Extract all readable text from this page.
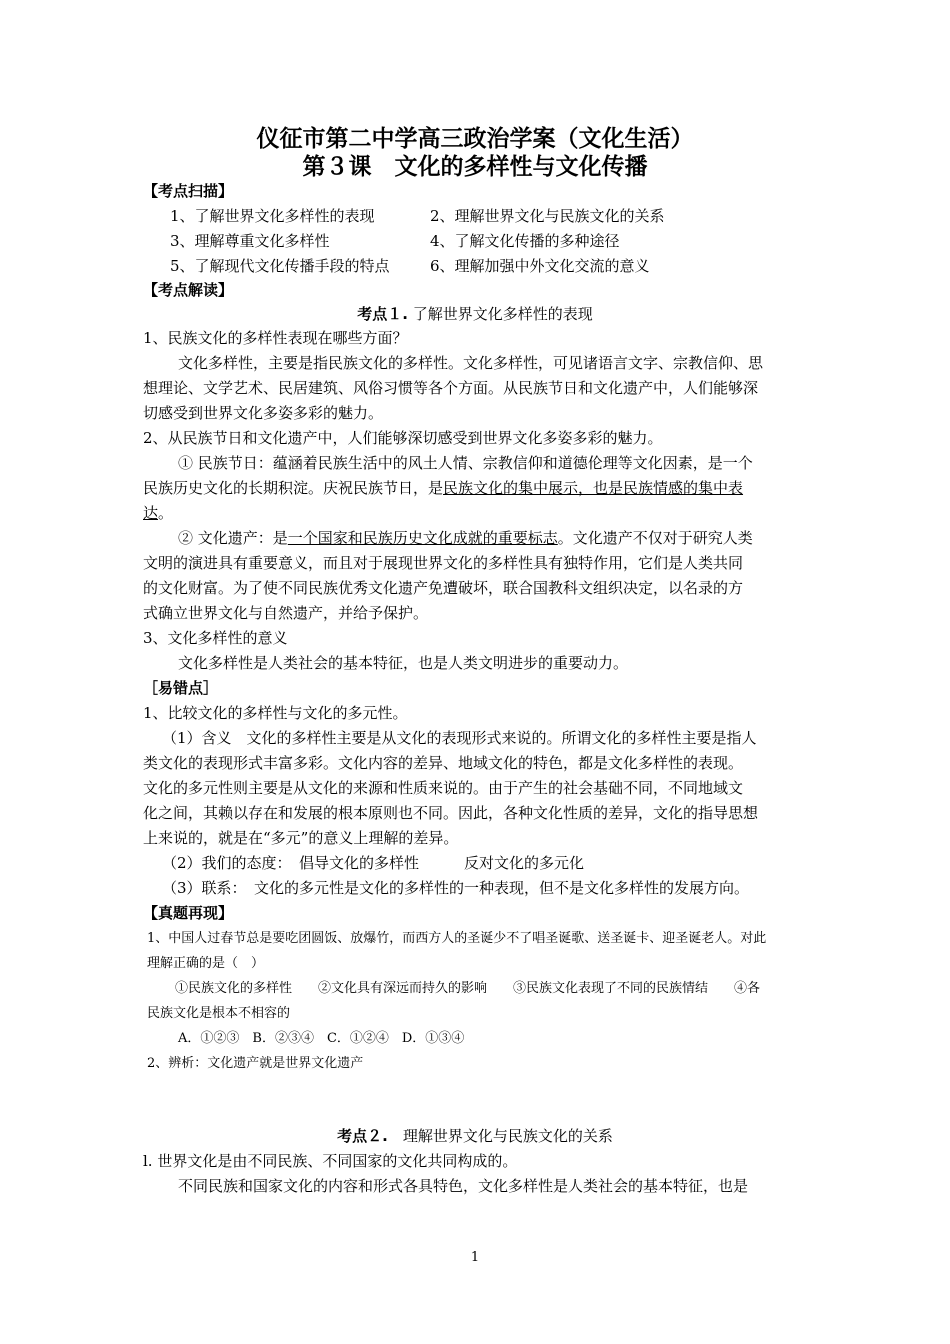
仪征市第二中学高三政治学案（文化生活）
第３课　文化的多样性与文化传播
【考点扫描】
1、了解世界文化多样性的表现	2、理解世界文化与民族文化的关系
3、理解尊重文化多样性	4、了解文化传播的多种途径
5、了解现代文化传播手段的特点	6、理解加强中外文化交流的意义
【考点解读】
考点１. 了解世界文化多样性的表现
1、民族文化的多样性表现在哪些方面？
文化多样性，主要是指民族文化的多样性。文化多样性，可见诸语言文字、宗教信仰、思
想理论、文学艺术、民居建筑、风俗习惯等各个方面。从民族节日和文化遗产中，人们能够深
切感受到世界文化多姿多彩的魅力。
2、从民族节日和文化遗产中，人们能够深切感受到世界文化多姿多彩的魅力。
① 民族节日：蕴涵着民族生活中的风土人情、宗教信仰和道德伦理等文化因素，是一个
民族历史文化的长期积淀。庆祝民族节日，是民族文化的集中展示，也是民族情感的集中表
达。
② 文化遗产：是一个国家和民族历史文化成就的重要标志。文化遗产不仅对于研究人类
文明的演进具有重要意义，而且对于展现世界文化的多样性具有独特作用，它们是人类共同
的文化财富。为了使不同民族优秀文化遗产免遭破坏，联合国教科文组织决定，以名录的方
式确立世界文化与自然遗产，并给予保护。
3、文化多样性的意义
文化多样性是人类社会的基本特征，也是人类文明进步的重要动力。
［易错点］
1、比较文化的多样性与文化的多元性。
（1）含义　文化的多样性主要是从文化的表现形式来说的。所谓文化的多样性主要是指人
类文化的表现形式丰富多彩。文化内容的差异、地域文化的特色，都是文化多样性的表现。
文化的多元性则主要是从文化的来源和性质来说的。由于产生的社会基础不同，不同地域文
化之间，其赖以存在和发展的根本原则也不同。因此，各种文化性质的差异，文化的指导思想
上来说的，就是在“多元”的意义上理解的差异。
（2）我们的态度：　倡导文化的多样性　　　反对文化的多元化
（3）联系：　文化的多元性是文化的多样性的一种表现，但不是文化多样性的发展方向。
【真题再现】
1、中国人过春节总是要吃团圆饭、放爆竹，而西方人的圣诞少不了唱圣诞歌、送圣诞卡、迎圣诞老人。对此
理解正确的是（　）
①民族文化的多样性　　②文化具有深远而持久的影响　　③民族文化表现了不同的民族情结　　④各
民族文化是根本不相容的
A．①②③　B．②③④　C．①②④　D．①③④
2、辨析：文化遗产就是世界文化遗产
考点２.　理解世界文化与民族文化的关系
l. 世界文化是由不同民族、不同国家的文化共同构成的。
不同民族和国家文化的内容和形式各具特色，文化多样性是人类社会的基本特征，也是
1
